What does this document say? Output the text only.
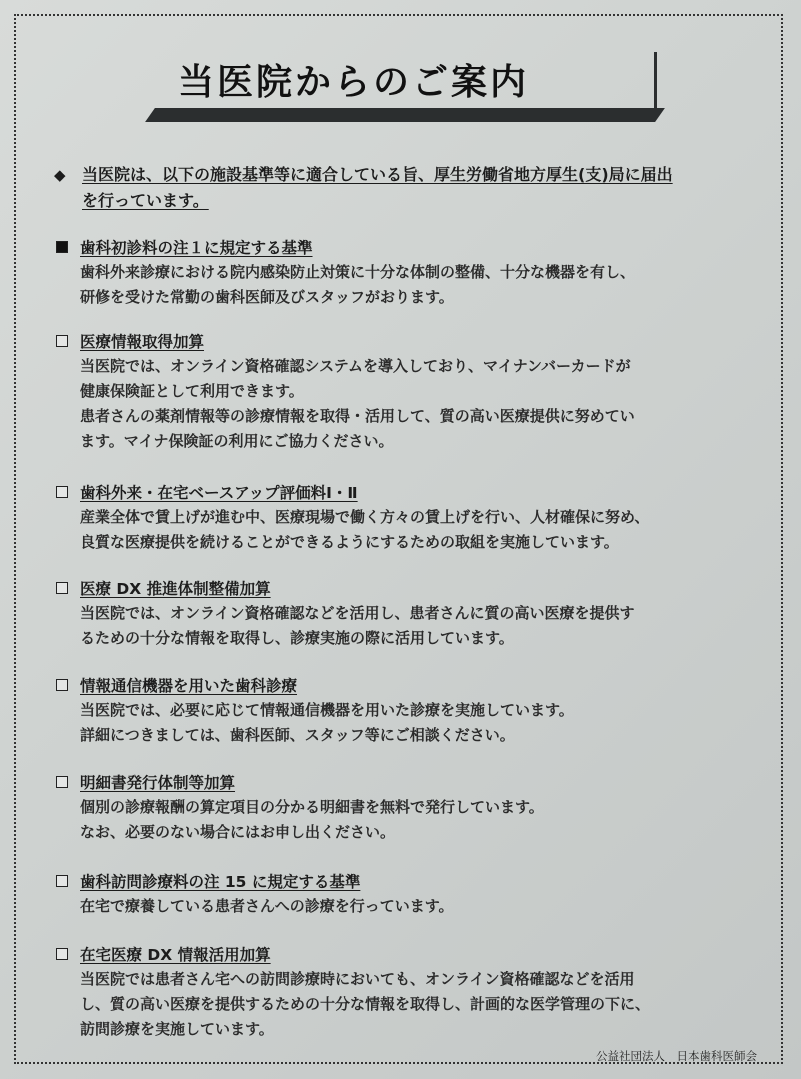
当医院からのご案内
◆ 当医院は、以下の施設基準等に適合している旨、厚生労働省地方厚生(支)局に届出
を行っています。
歯科初診料の注１に規定する基準
歯科外来診療における院内感染防止対策に十分な体制の整備、十分な機器を有し、
研修を受けた常勤の歯科医師及びスタッフがおります。
医療情報取得加算
当医院では、オンライン資格確認システムを導入しており、マイナンバーカードが
健康保険証として利用できます。
患者さんの薬剤情報等の診療情報を取得・活用して、質の高い医療提供に努めてい
ます。マイナ保険証の利用にご協力ください。
歯科外来・在宅ベースアップ評価料Ⅰ・Ⅱ
産業全体で賃上げが進む中、医療現場で働く方々の賃上げを行い、人材確保に努め、
良質な医療提供を続けることができるようにするための取組を実施しています。
医療 DX 推進体制整備加算
当医院では、オンライン資格確認などを活用し、患者さんに質の高い医療を提供す
るための十分な情報を取得し、診療実施の際に活用しています。
情報通信機器を用いた歯科診療
当医院では、必要に応じて情報通信機器を用いた診療を実施しています。
詳細につきましては、歯科医師、スタッフ等にご相談ください。
明細書発行体制等加算
個別の診療報酬の算定項目の分かる明細書を無料で発行しています。
なお、必要のない場合にはお申し出ください。
歯科訪問診療料の注 15 に規定する基準
在宅で療養している患者さんへの診療を行っています。
在宅医療 DX 情報活用加算
当医院では患者さん宅への訪問診療時においても、オンライン資格確認などを活用
し、質の高い医療を提供するための十分な情報を取得し、計画的な医学管理の下に、
訪問診療を実施しています。
公益社団法人　日本歯科医師会
